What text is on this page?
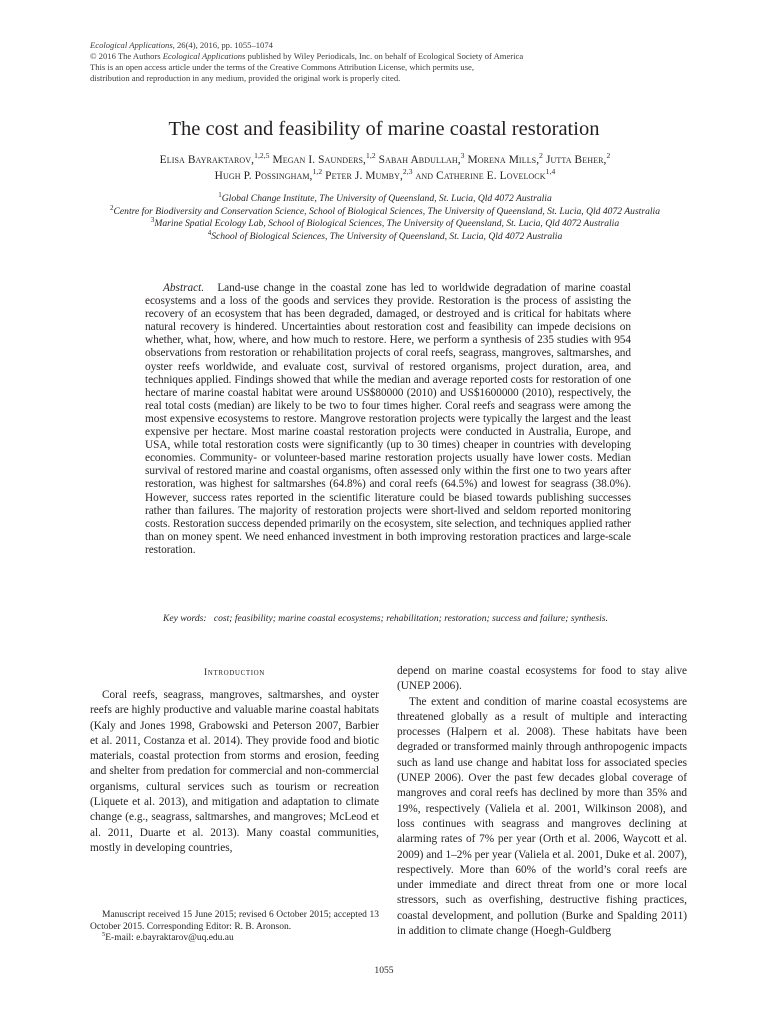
Ecological Applications, 26(4), 2016, pp. 1055–1074
© 2016 The Authors Ecological Applications published by Wiley Periodicals, Inc. on behalf of Ecological Society of America
This is an open access article under the terms of the Creative Commons Attribution License, which permits use,
distribution and reproduction in any medium, provided the original work is properly cited.
The cost and feasibility of marine coastal restoration
Elisa Bayraktarov,$^{1,2,5}$ Megan I. Saunders,$^{1,2}$ Sabah Abdullah,$^3$ Morena Mills,$^2$ Jutta Beher,$^2$
Hugh P. Possingham,$^{1,2}$ Peter J. Mumby,$^{2,3}$ and Catherine E. Lovelock$^{1,4}$
$^1$Global Change Institute, The University of Queensland, St. Lucia, Qld 4072 Australia
$^2$Centre for Biodiversity and Conservation Science, School of Biological Sciences, The University of Queensland, St. Lucia, Qld 4072 Australia
$^3$Marine Spatial Ecology Lab, School of Biological Sciences, The University of Queensland, St. Lucia, Qld 4072 Australia
$^4$School of Biological Sciences, The University of Queensland, St. Lucia, Qld 4072 Australia
Abstract. Land-use change in the coastal zone has led to worldwide degradation of marine coastal ecosystems and a loss of the goods and services they provide. Restoration is the process of assisting the recovery of an ecosystem that has been degraded, damaged, or destroyed and is critical for habitats where natural recovery is hindered. Uncertainties about restoration cost and feasibility can impede decisions on whether, what, how, where, and how much to restore. Here, we perform a synthesis of 235 studies with 954 observations from restoration or rehabilitation projects of coral reefs, seagrass, mangroves, saltmarshes, and oyster reefs worldwide, and evaluate cost, survival of restored organisms, project duration, area, and techniques applied. Findings showed that while the median and average reported costs for restoration of one hectare of marine coastal habitat were around US$80000 (2010) and US$1600000 (2010), respectively, the real total costs (median) are likely to be two to four times higher. Coral reefs and seagrass were among the most expensive ecosystems to restore. Mangrove restoration projects were typically the largest and the least expensive per hectare. Most marine coastal restoration projects were conducted in Australia, Europe, and USA, while total restoration costs were significantly (up to 30 times) cheaper in countries with developing economies. Community- or volunteer-based marine restoration projects usually have lower costs. Median survival of restored marine and coastal organisms, often assessed only within the first one to two years after restoration, was highest for saltmarshes (64.8%) and coral reefs (64.5%) and lowest for seagrass (38.0%). However, success rates reported in the scientific literature could be biased towards publishing successes rather than failures. The majority of restoration projects were short-lived and seldom reported monitoring costs. Restoration success depended primarily on the ecosystem, site selection, and techniques applied rather than on money spent. We need enhanced investment in both improving restoration practices and large-scale restoration.
Key words: cost; feasibility; marine coastal ecosystems; rehabilitation; restoration; success and failure; synthesis.
Introduction

Coral reefs, seagrass, mangroves, saltmarshes, and oyster reefs are highly productive and valuable marine coastal habitats (Kaly and Jones 1998, Grabowski and Peterson 2007, Barbier et al. 2011, Costanza et al. 2014). They provide food and biotic materials, coastal protection from storms and erosion, feeding and shelter from predation for commercial and non-commercial organisms, cultural services such as tourism or recreation (Liquete et al. 2013), and mitigation and adaptation to climate change (e.g., seagrass, saltmarshes, and mangroves; McLeod et al. 2011, Duarte et al. 2013). Many coastal communities, mostly in developing countries,

depend on marine coastal ecosystems for food to stay alive (UNEP 2006).

The extent and condition of marine coastal ecosystems are threatened globally as a result of multiple and interacting processes (Halpern et al. 2008). These habitats have been degraded or transformed mainly through anthropogenic impacts such as land use change and habitat loss for associated species (UNEP 2006). Over the past few decades global coverage of mangroves and coral reefs has declined by more than 35% and 19%, respectively (Valiela et al. 2001, Wilkinson 2008), and loss continues with seagrass and mangroves declining at alarming rates of 7% per year (Orth et al. 2006, Waycott et al. 2009) and 1–2% per year (Valiela et al. 2001, Duke et al. 2007), respectively. More than 60% of the world’s coral reefs are under immediate and direct threat from one or more local stressors, such as overfishing, destructive fishing practices, coastal development, and pollution (Burke and Spalding 2011) in addition to climate change (Hoegh-Guldberg

Manuscript received 15 June 2015; revised 6 October 2015; accepted 13 October 2015. Corresponding Editor: R. B. Aronson.

$^5$E-mail: e.bayraktarov@uq.edu.au

1055
